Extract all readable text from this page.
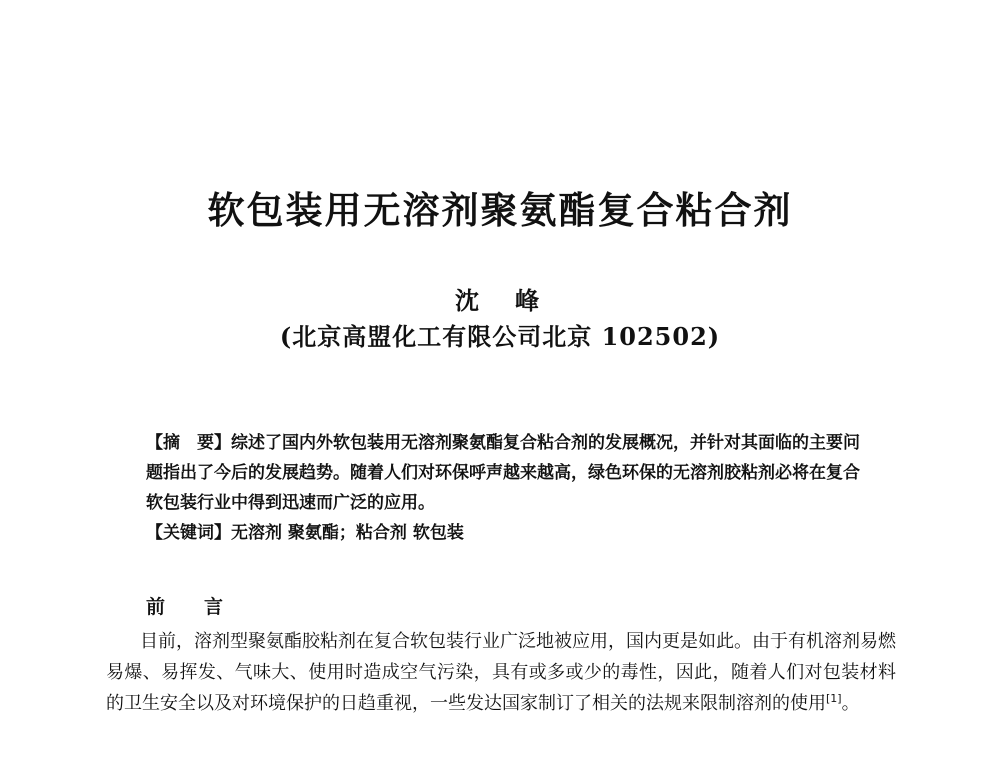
软包装用无溶剂聚氨酯复合粘合剂
沈　峰
(北京高盟化工有限公司北京 102502)

【摘　要】综述了国内外软包装用无溶剂聚氨酯复合粘合剂的发展概况，并针对其面临的主要问题指出了今后的发展趋势。随着人们对环保呼声越来越高，绿色环保的无溶剂胶粘剂必将在复合软包装行业中得到迅速而广泛的应用。

【关键词】无溶剂 聚氨酯；粘合剂 软包装

前　言

目前，溶剂型聚氨酯胶粘剂在复合软包装行业广泛地被应用，国内更是如此。由于有机溶剂易燃易爆、易挥发、气味大、使用时造成空气污染，具有或多或少的毒性，因此，随着人们对包装材料的卫生安全以及对环境保护的日趋重视，一些发达国家制订了相关的法规来限制溶剂的使用[1]。
